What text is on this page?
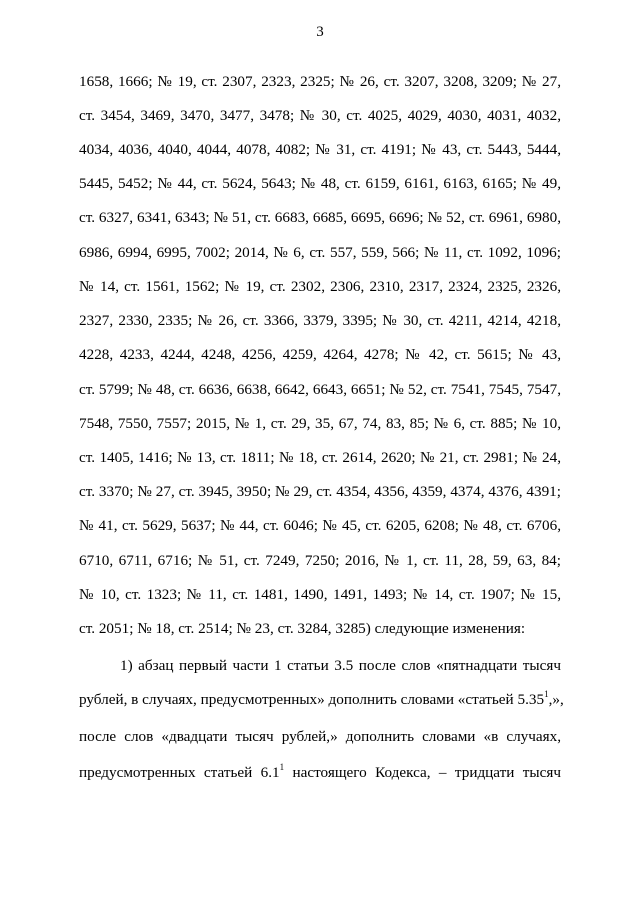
3
1658, 1666; № 19, ст. 2307, 2323, 2325; № 26, ст. 3207, 3208, 3209; № 27,
ст. 3454, 3469, 3470, 3477, 3478; № 30, ст. 4025, 4029, 4030, 4031, 4032,
4034, 4036, 4040, 4044, 4078, 4082; № 31, ст. 4191; № 43, ст. 5443, 5444,
5445, 5452; № 44, ст. 5624, 5643; № 48, ст. 6159, 6161, 6163, 6165; № 49,
ст. 6327, 6341, 6343; № 51, ст. 6683, 6685, 6695, 6696; № 52, ст. 6961, 6980,
6986, 6994, 6995, 7002; 2014, № 6, ст. 557, 559, 566; № 11, ст. 1092, 1096;
№ 14, ст. 1561, 1562; № 19, ст. 2302, 2306, 2310, 2317, 2324, 2325, 2326,
2327, 2330, 2335; № 26, ст. 3366, 3379, 3395; № 30, ст. 4211, 4214, 4218,
4228, 4233, 4244, 4248, 4256, 4259, 4264, 4278; № 42, ст. 5615; № 43,
ст. 5799; № 48, ст. 6636, 6638, 6642, 6643, 6651; № 52, ст. 7541, 7545, 7547,
7548, 7550, 7557; 2015, № 1, ст. 29, 35, 67, 74, 83, 85; № 6, ст. 885; № 10,
ст. 1405, 1416; № 13, ст. 1811; № 18, ст. 2614, 2620; № 21, ст. 2981; № 24,
ст. 3370; № 27, ст. 3945, 3950; № 29, ст. 4354, 4356, 4359, 4374, 4376, 4391;
№ 41, ст. 5629, 5637; № 44, ст. 6046; № 45, ст. 6205, 6208; № 48, ст. 6706,
6710, 6711, 6716; № 51, ст. 7249, 7250; 2016, № 1, ст. 11, 28, 59, 63, 84;
№ 10, ст. 1323; № 11, ст. 1481, 1490, 1491, 1493; № 14, ст. 1907; № 15,
ст. 2051; № 18, ст. 2514; № 23, ст. 3284, 3285) следующие изменения:
1) абзац первый части 1 статьи 3.5 после слов «пятнадцати тысяч
рублей, в случаях, предусмотренных» дополнить словами «статьей 5.35$^1$,»,
после слов «двадцати тысяч рублей,» дополнить словами «в случаях,
предусмотренных статьей $6.1^1$ настоящего Кодекса, – тридцати тысяч
